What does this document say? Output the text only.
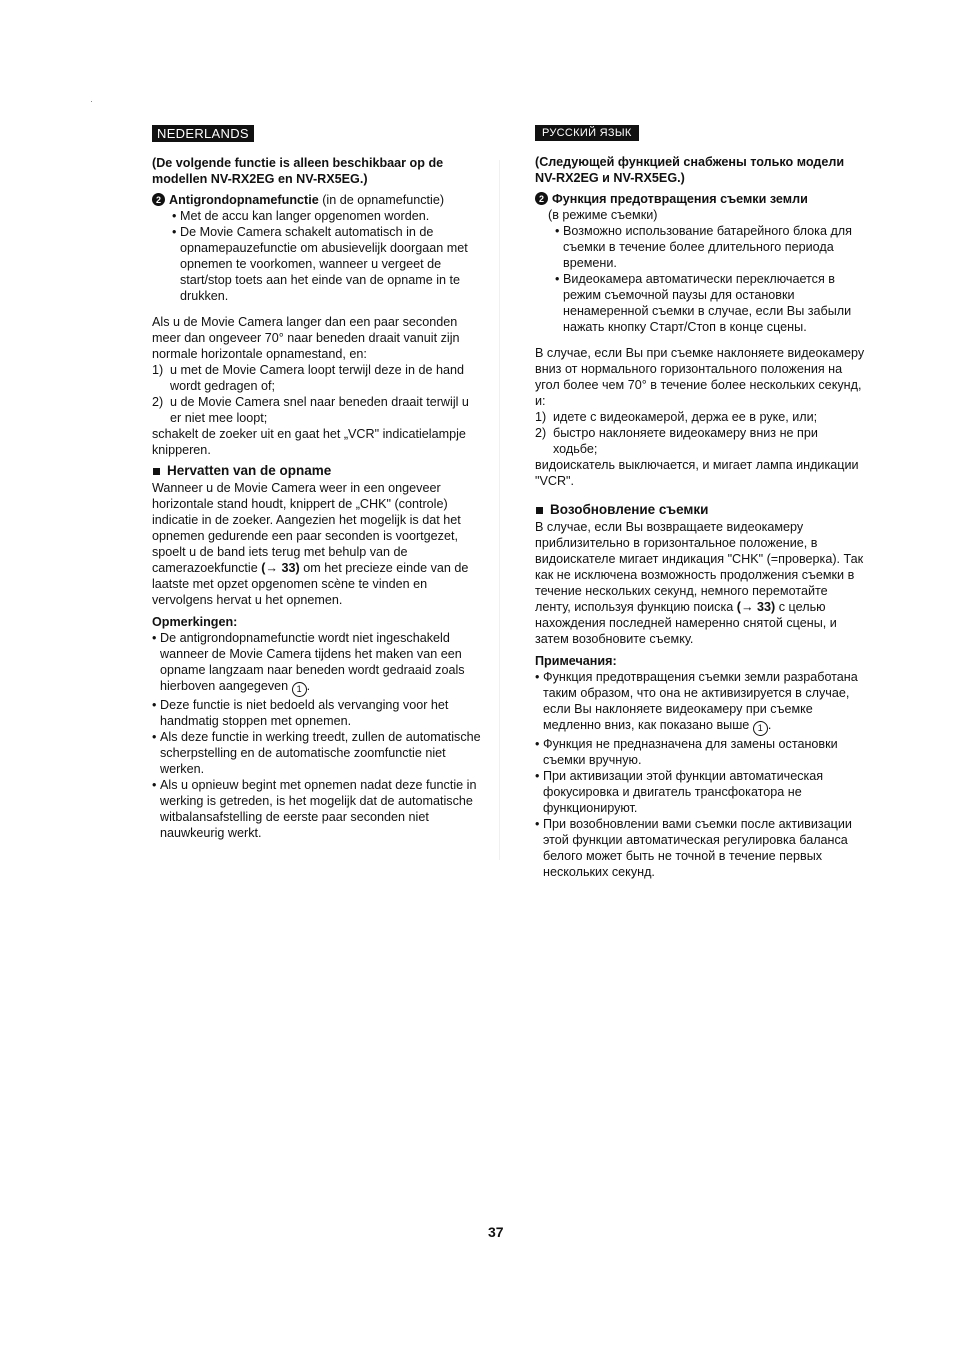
NEDERLANDS

(De volgende functie is alleen beschikbaar op de modellen NV-RX2EG en NV-RX5EG.)

2 Antigrondopnamefunctie (in de opnamefunctie)
• Met de accu kan langer opgenomen worden.
• De Movie Camera schakelt automatisch in de opnamepauzefunctie om abusievelijk doorgaan met opnemen te voorkomen, wanneer u vergeet de start/stop toets aan het einde van de opname in te drukken.

Als u de Movie Camera langer dan een paar seconden meer dan ongeveer 70° naar beneden draait vanuit zijn normale horizontale opnamestand, en:

1) u met de Movie Camera loopt terwijl deze in de hand wordt gedragen of;
2) u de Movie Camera snel naar beneden draait terwijl u er niet mee loopt;

schakelt de zoeker uit en gaat het „VCR" indicatielampje knipperen.

Hervatten van de opname

Wanneer u de Movie Camera weer in een ongeveer horizontale stand houdt, knippert de „CHK" (controle) indicatie in de zoeker. Aangezien het mogelijk is dat het opnemen gedurende een paar seconden is voortgezet, spoelt u de band iets terug met behulp van de camerazoekfunctie (→ 33) om het precieze einde van de laatste met opzet opgenomen scène te vinden en vervolgens hervat u het opnemen.

Opmerkingen:
• De antigrondopnamefunctie wordt niet ingeschakeld wanneer de Movie Camera tijdens het maken van een opname langzaam naar beneden wordt gedraaid zoals hierboven aangegeven 1 .
• Deze functie is niet bedoeld als vervanging voor het handmatig stoppen met opnemen.
• Als deze functie in werking treedt, zullen de automatische scherpstelling en de automatische zoomfunctie niet werken.
• Als u opnieuw begint met opnemen nadat deze functie in werking is getreden, is het mogelijk dat de automatische witbalansafstelling de eerste paar seconden niet nauwkeurig werkt.
РУССКИЙ ЯЗЫК

(Следующей функцией снабжены только модели NV-RX2EG и NV-RX5EG.)

2 Функция предотвращения съемки земли

(в режиме съемки)

• Возможно использование батарейного блока для съемки в течение более длительного периода времени.
• Видеокамера автоматически переключается в режим съемочной паузы для остановки ненамеренной съемки в случае, если Вы забыли нажать кнопку Старт/Стоп в конце сцены.

В случае, если Вы при съемке наклоняете видеокамеру вниз от нормального горизонтального положения на угол более чем 70° в течение более нескольких секунд, и:

1) идете с видеокамерой, держа ее в руке, или;
2) быстро наклоняете видеокамеру вниз не при ходьбе;

видоискатель выключается, и мигает лампа индикации "VCR".

Возобновление съемки

В случае, если Вы возвращаете видеокамеру приблизительно в горизонтальное положение, в видоискателе мигает индикация "CHK" (=проверка). Так как не исключена возможность продолжения съемки в течение нескольких секунд, немного перемотайте ленту, используя функцию поиска (→ 33) с целью нахождения последней намеренно снятой сцены, и затем возобновите съемку.

Примечания:
• Функция предотвращения съемки земли разработана таким образом, что она не активизируется в случае, если Вы наклоняете видеокамеру при съемке медленно вниз, как показано выше 1 .
• Функция не предназначена для замены остановки съемки вручную.
• При активизации этой функции автоматическая фокусировка и двигатель трансфокатора не функционируют.
• При возобновлении вами съемки после активизации этой функции автоматическая регулировка баланса белого может быть не точной в течение первых нескольких секунд.
37
